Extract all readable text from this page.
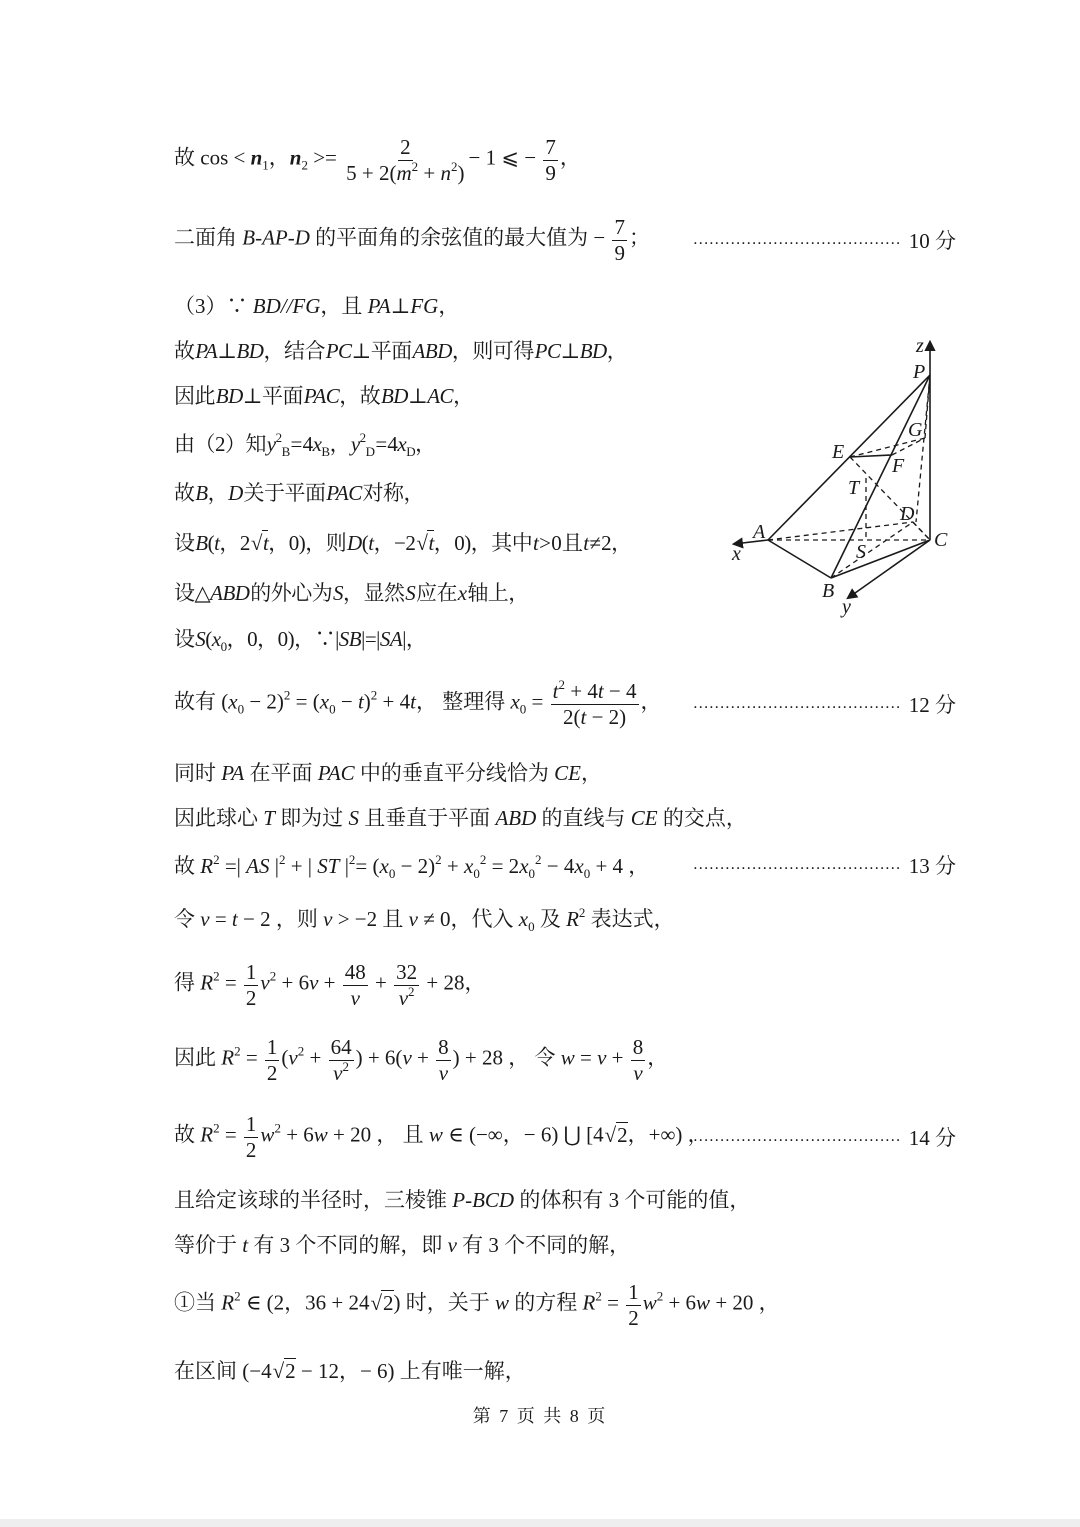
故 $\cos < n_1$，$n_2 >= \frac{2}{5 + 2(m^2 + n^2)} - 1$ ⩽ − $\frac{7}{9}$ ，
二面角 B-AP-D 的平面角的余弦值的最大值为 − $\frac{7}{9}$ ；	………………………………… 10 分
（3）∵ BD//FG，且 PA⊥FG，
故 PA⊥BD，结合 PC⊥平面 ABD，则可得 PC⊥BD，
因此 BD⊥平面 PAC，故 BD⊥AC，
由（2）知 $y^2_B = 4x_B$， $y^2_D = 4x_D$，
故 B，D 关于平面 PAC 对称，
设 B(t，2 √ t，0)，则 D(t，−2 √ t，0)，其中 t > 0 且 t ≠ 2，
设△ABD 的外心为 S，显然 S 应在 x 轴上，
设 $S(x_0$，0，0)，∵|SB|=|SA|，
故有 $(x_0 - 2)^2 = (x_0 - t)^2 + 4t$， 整理得 $x_0 = \frac{t^2 + 4t - 4}{2(t - 2)}$ ，	………………………………… 12 分
同时 PA 在平面 PAC 中的垂直平分线恰为 CE，
因此球心 T 即为过 S 且垂直于平面 ABD 的直线与 CE 的交点，
故 $R^2$ =| AS $|^2$ + | ST $|^2= (x_0 - 2)^2 + x_0^2 = 2x_0^2 - 4x_0 + 4$ ，	………………………………… 13 分
令 v = t − 2 ，则 v > −2 且 v ≠ 0，代入 $x_0$ 及 $R^2$ 表达式，
得 $R^2 = \frac{1}{2} v^2 + 6v + \frac{48}{v} + \frac{32}{v^2} + 28$，
因此 $R^2 = \frac{1}{2} (v^2 + \frac{64}{v^2}$ ) + $6(v + \frac{8}{v}$ ) + 28 ， 令 $w = v + \frac{8}{v}$ ，
故 $R^2 = \frac{1}{2} w^2 + 6w + 20$ ， 且 w ∈ (−∞，− 6) ⋃ [4 √ 2，+∞) ，
………………………………… 14 分
且给定该球的半径时，三棱锥 P-BCD 的体积有 3 个可能的值，
等价于 t 有 3 个不同的解，即 v 有 3 个不同的解，
①当 $R^2$ ∈ (2，36 + 24 √ 2) 时，关于 w 的方程 $R^2 = \frac{1}{2} w^2 + 6w + 20$ ，
在区间 (−4 √ 2 − 12，− 6) 上有唯一解，
z
P
G
E
F
T
D
A	C
x	S
B
y
第 7 页 共 8 页
